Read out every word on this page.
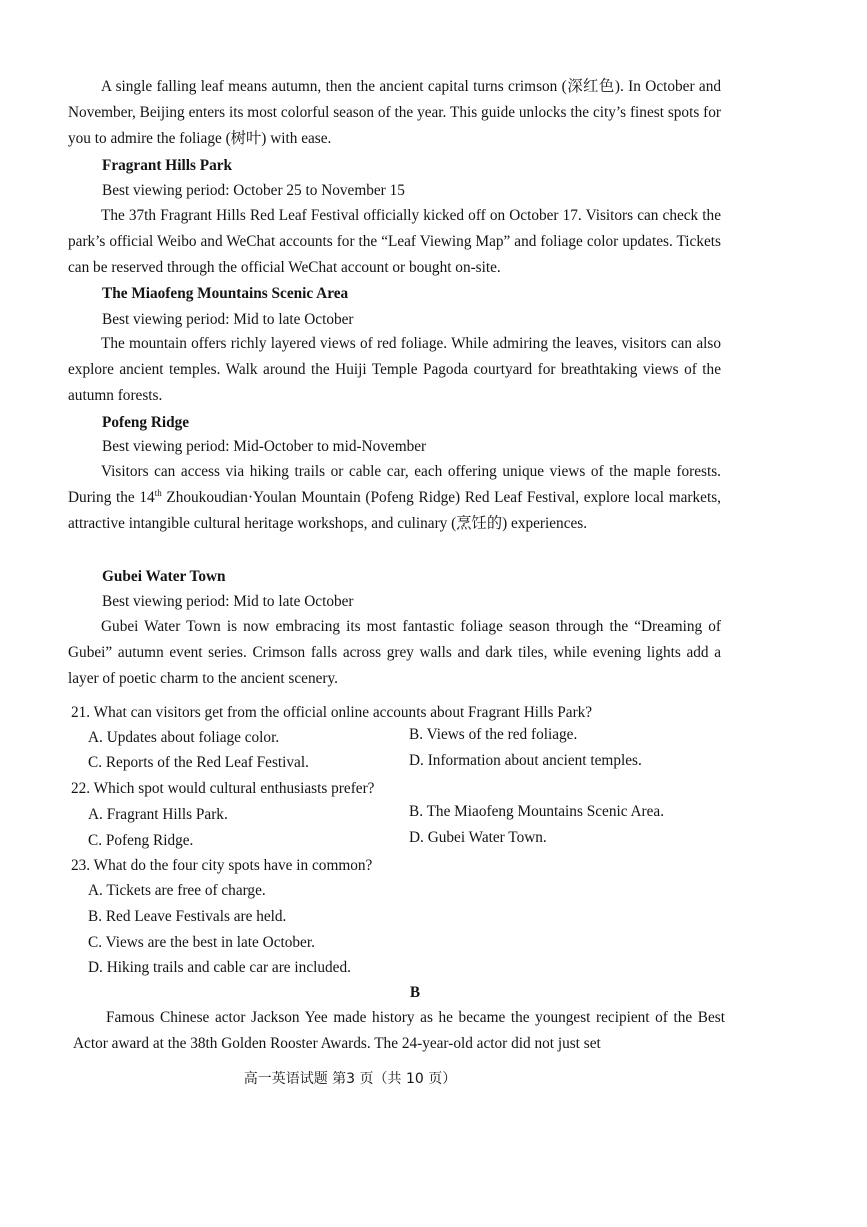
A single falling leaf means autumn, then the ancient capital turns crimson (深红色). In October and November, Beijing enters its most colorful season of the year. This guide unlocks the city’s finest spots for you to admire the foliage (树叶) with ease.

Fragrant Hills Park
Best viewing period: October 25 to November 15

The 37th Fragrant Hills Red Leaf Festival officially kicked off on October 17. Visitors can check the park’s official Weibo and WeChat accounts for the “Leaf Viewing Map” and foliage color updates. Tickets can be reserved through the official WeChat account or bought on-site.

The Miaofeng Mountains Scenic Area
Best viewing period: Mid to late October

The mountain offers richly layered views of red foliage. While admiring the leaves, visitors can also explore ancient temples. Walk around the Huiji Temple Pagoda courtyard for breathtaking views of the autumn forests.

Pofeng Ridge
Best viewing period: Mid-October to mid-November

Visitors can access via hiking trails or cable car, each offering unique views of the maple forests. During the 14th Zhoukoudian·Youlan Mountain (Pofeng Ridge) Red Leaf Festival, explore local markets, attractive intangible cultural heritage workshops, and culinary (烹饪的) experiences.

Gubei Water Town
Best viewing period: Mid to late October

Gubei Water Town is now embracing its most fantastic foliage season through the “Dreaming of Gubei” autumn event series. Crimson falls across grey walls and dark tiles, while evening lights add a layer of poetic charm to the ancient scenery.

21. What can visitors get from the official online accounts about Fragrant Hills Park?
A. Updates about foliage color.	B. Views of the red foliage.
C. Reports of the Red Leaf Festival.	D. Information about ancient temples.
22. Which spot would cultural enthusiasts prefer?
A. Fragrant Hills Park.	B. The Miaofeng Mountains Scenic Area.
C. Pofeng Ridge.	D. Gubei Water Town.
23. What do the four city spots have in common?
A. Tickets are free of charge.
B. Red Leave Festivals are held.
C. Views are the best in late October.
D. Hiking trails and cable car are included.
B

Famous Chinese actor Jackson Yee made history as he became the youngest recipient of the Best Actor award at the 38th Golden Rooster Awards. The 24-year-old actor did not just set

高一英语试题 第3 页（共 10 页）
